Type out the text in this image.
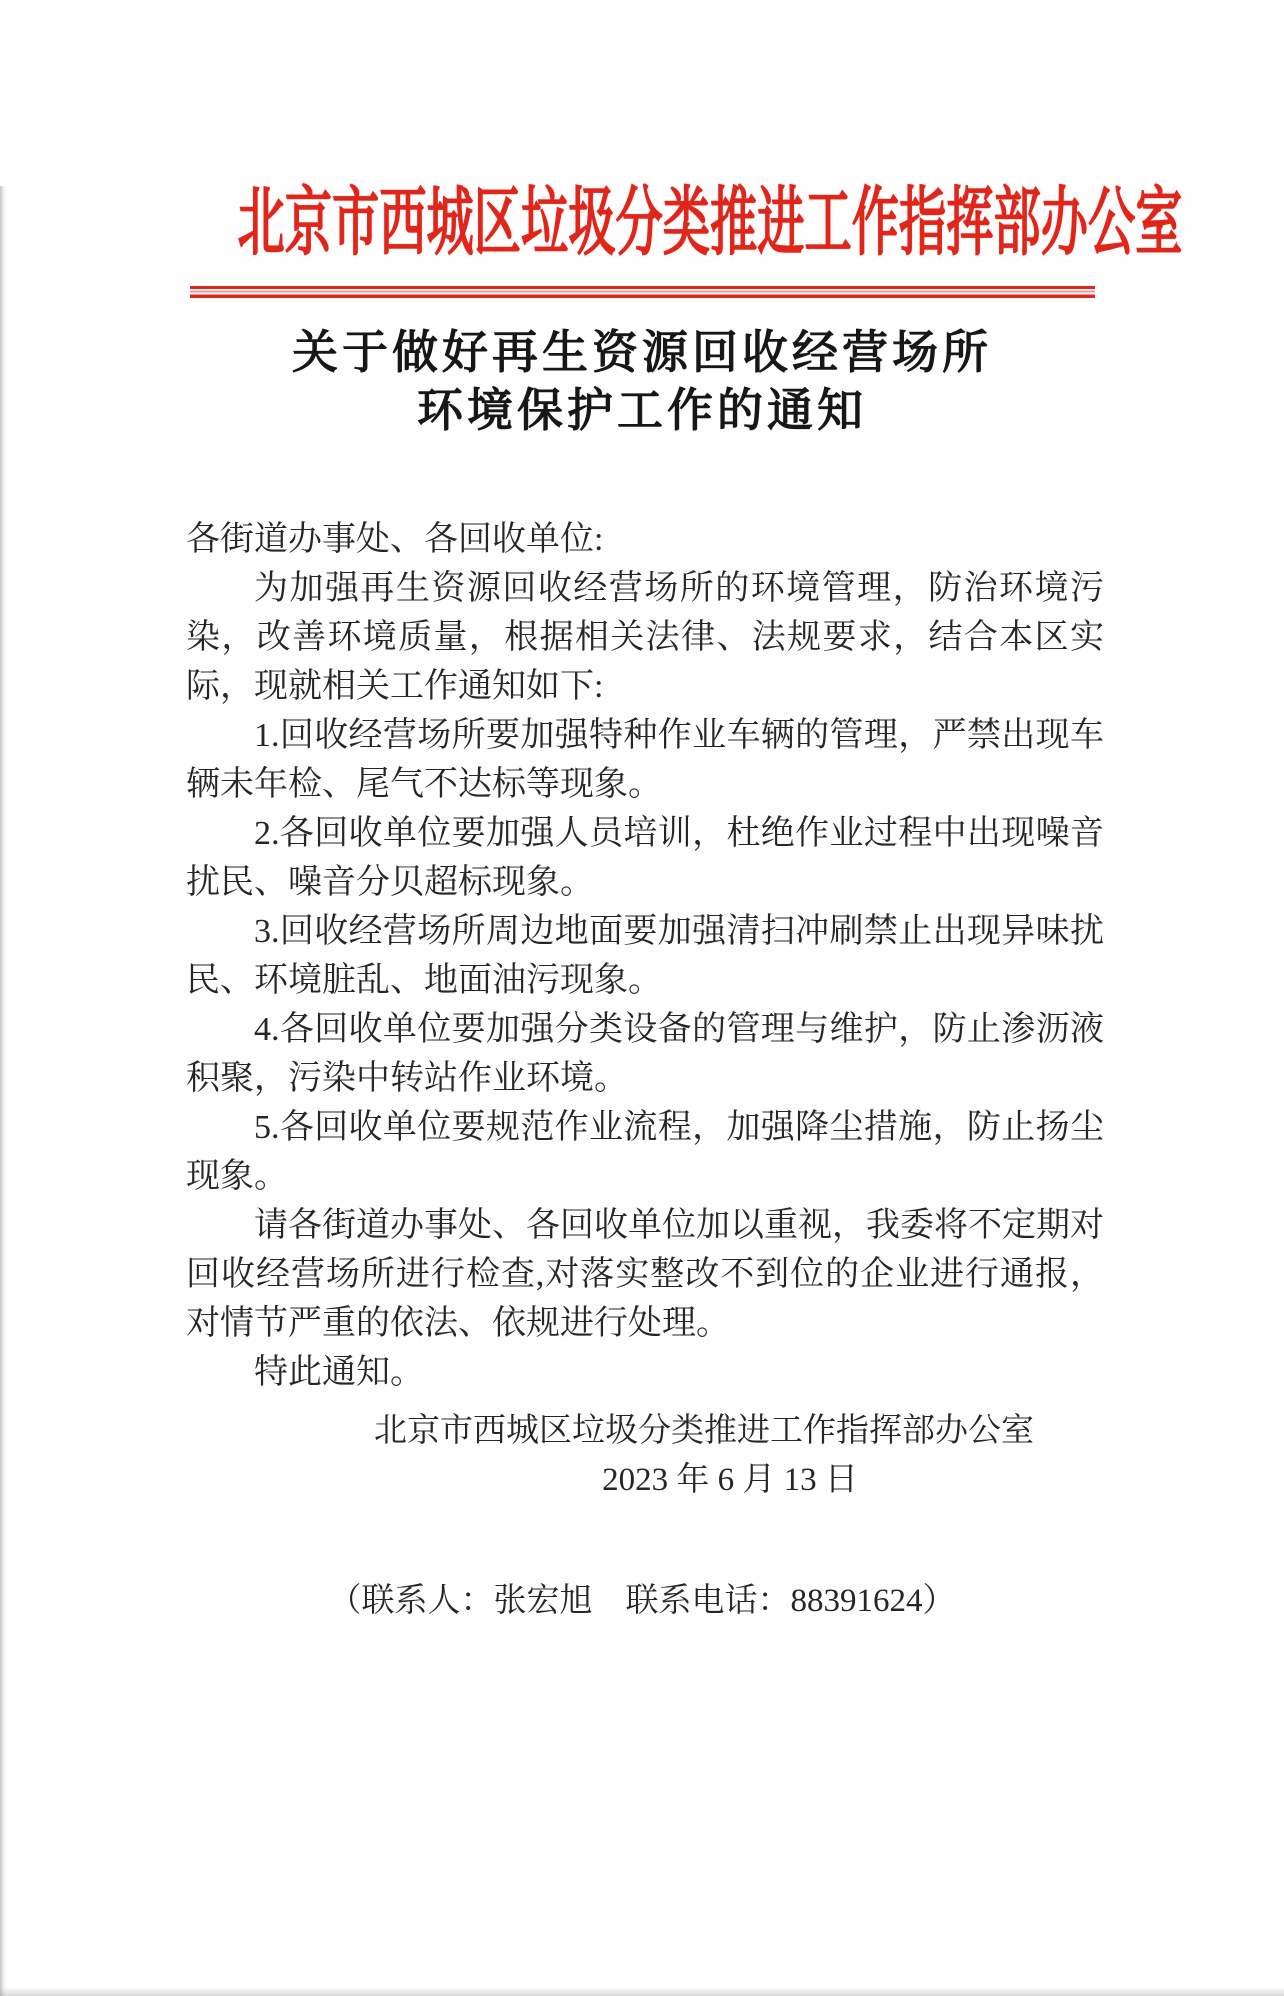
北京市西城区垃圾分类推进工作指挥部办公室
关于做好再生资源回收经营场所
环境保护工作的通知

各街道办事处、各回收单位:

为加强再生资源回收经营场所的环境管理，防治环境污染，改善环境质量，根据相关法律、法规要求，结合本区实际，现就相关工作通知如下:

1.回收经营场所要加强特种作业车辆的管理，严禁出现车辆未年检、尾气不达标等现象。

2.各回收单位要加强人员培训，杜绝作业过程中出现噪音扰民、噪音分贝超标现象。

3.回收经营场所周边地面要加强清扫冲刷禁止出现异味扰民、环境脏乱、地面油污现象。

4.各回收单位要加强分类设备的管理与维护，防止渗沥液积聚，污染中转站作业环境。

5.各回收单位要规范作业流程，加强降尘措施，防止扬尘现象。

请各街道办事处、各回收单位加以重视，我委将不定期对回收经营场所进行检查,对落实整改不到位的企业进行通报，对情节严重的依法、依规进行处理。

特此通知。

北京市西城区垃圾分类推进工作指挥部办公室

2023 年 6 月 13 日

（联系人：张宏旭　联系电话：88391624）
